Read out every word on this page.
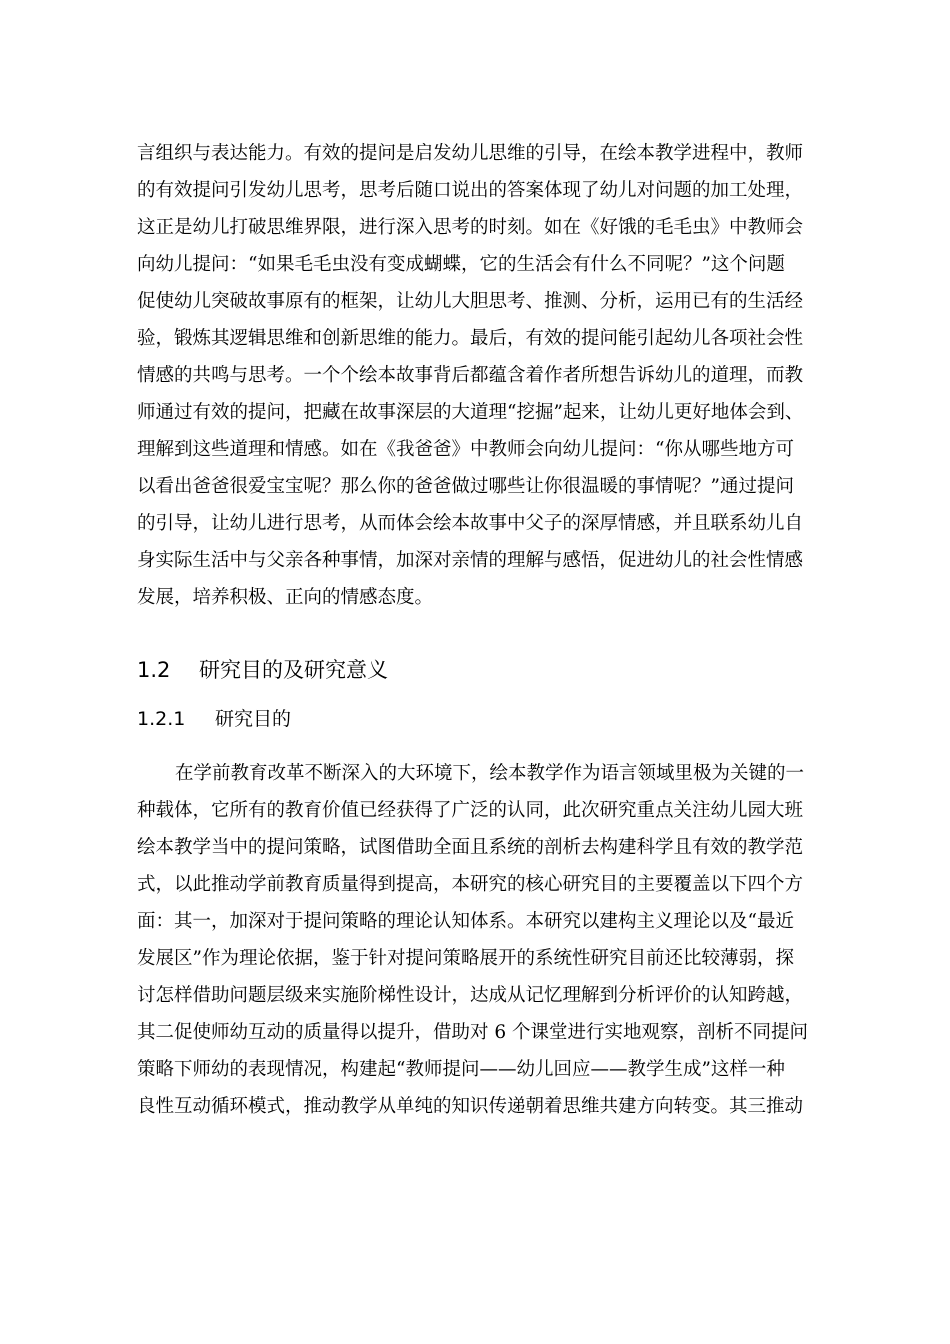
言组织与表达能力。有效的提问是启发幼儿思维的引导，在绘本教学进程中，教师
的有效提问引发幼儿思考，思考后随口说出的答案体现了幼儿对问题的加工处理，
这正是幼儿打破思维界限，进行深入思考的时刻。如在《好饿的毛毛虫》中教师会
向幼儿提问：“如果毛毛虫没有变成蝴蝶，它的生活会有什么不同呢？”这个问题
促使幼儿突破故事原有的框架，让幼儿大胆思考、推测、分析，运用已有的生活经
验，锻炼其逻辑思维和创新思维的能力。最后，有效的提问能引起幼儿各项社会性
情感的共鸣与思考。一个个绘本故事背后都蕴含着作者所想告诉幼儿的道理，而教
师通过有效的提问，把藏在故事深层的大道理“挖掘”起来，让幼儿更好地体会到、
理解到这些道理和情感。如在《我爸爸》中教师会向幼儿提问：“你从哪些地方可
以看出爸爸很爱宝宝呢？那么你的爸爸做过哪些让你很温暖的事情呢？”通过提问
的引导，让幼儿进行思考，从而体会绘本故事中父子的深厚情感，并且联系幼儿自
身实际生活中与父亲各种事情，加深对亲情的理解与感悟，促进幼儿的社会性情感
发展，培养积极、正向的情感态度。
1.2 研究目的及研究意义
1.2.1 研究目的
在学前教育改革不断深入的大环境下，绘本教学作为语言领域里极为关键的一
种载体，它所有的教育价值已经获得了广泛的认同，此次研究重点关注幼儿园大班
绘本教学当中的提问策略，试图借助全面且系统的剖析去构建科学且有效的教学范
式，以此推动学前教育质量得到提高，本研究的核心研究目的主要覆盖以下四个方
面：其一，加深对于提问策略的理论认知体系。本研究以建构主义理论以及“最近
发展区”作为理论依据，鉴于针对提问策略展开的系统性研究目前还比较薄弱，探
讨怎样借助问题层级来实施阶梯性设计，达成从记忆理解到分析评价的认知跨越，
其二促使师幼互动的质量得以提升，借助对 6 个课堂进行实地观察，剖析不同提问
策略下师幼的表现情况，构建起“教师提问——幼儿回应——教学生成”这样一种
良性互动循环模式，推动教学从单纯的知识传递朝着思维共建方向转变。其三推动
